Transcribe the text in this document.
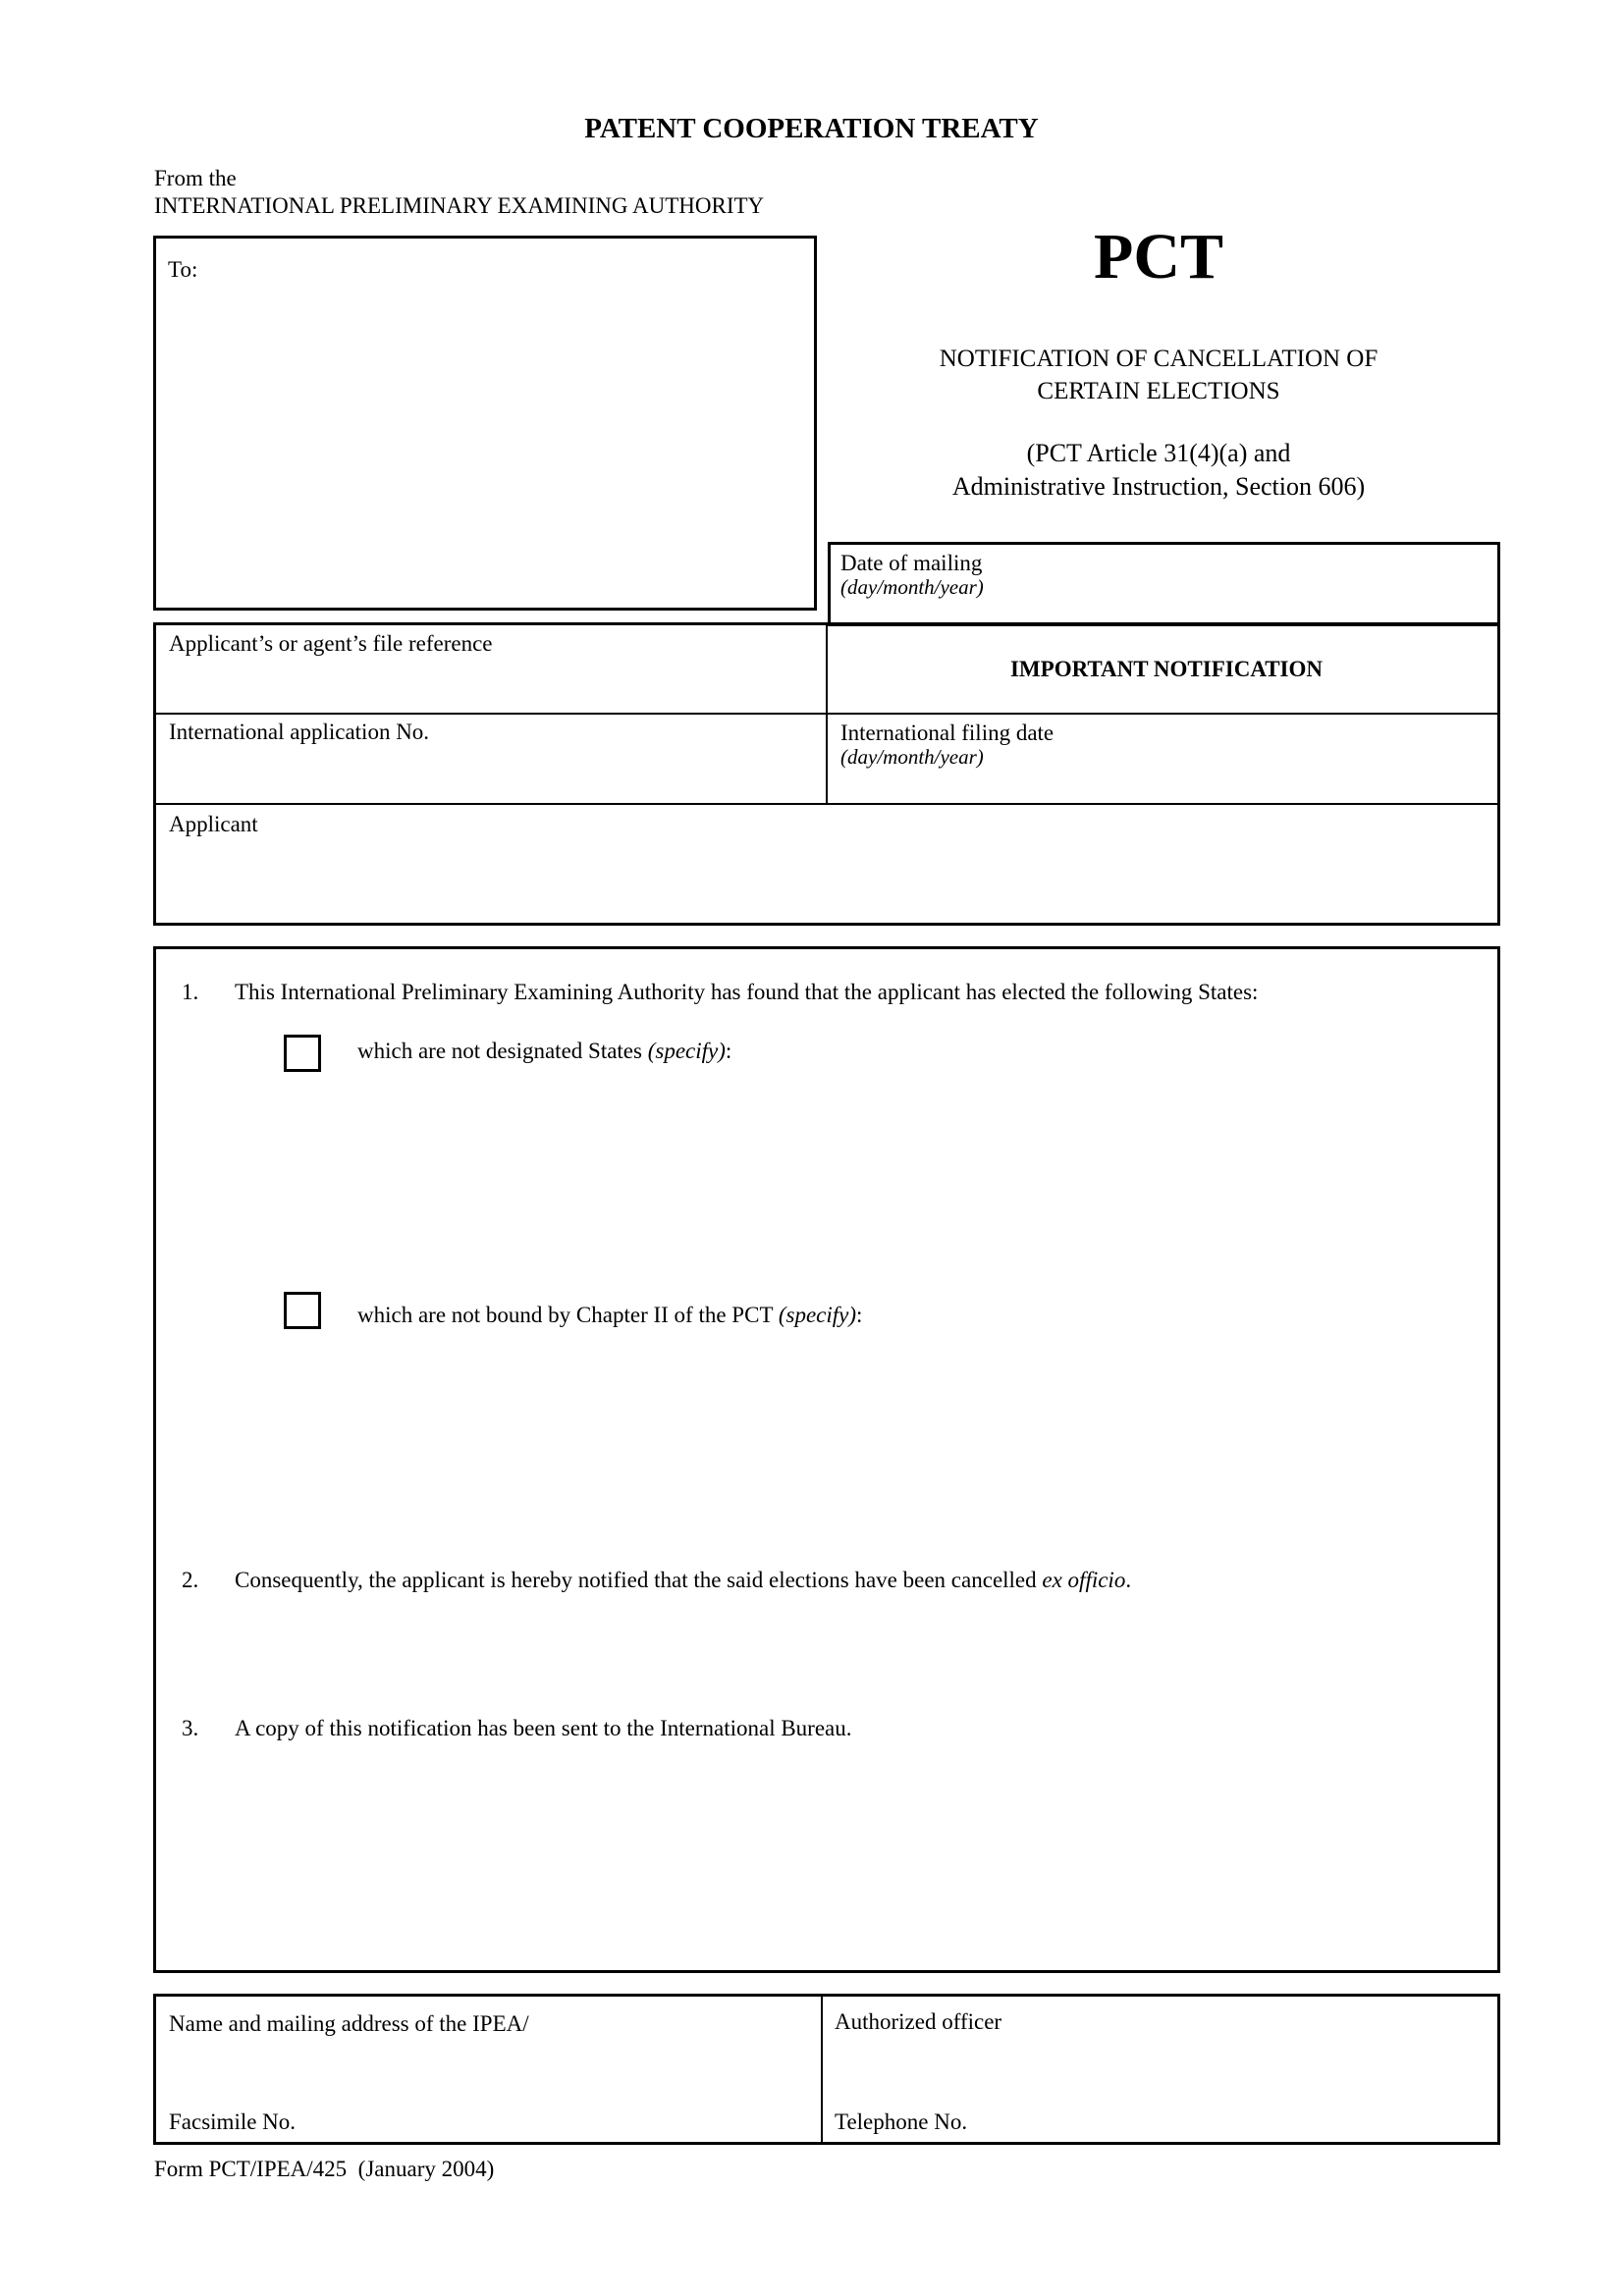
PATENT COOPERATION TREATY
From the
INTERNATIONAL PRELIMINARY EXAMINING AUTHORITY
To:	PCT
NOTIFICATION OF CANCELLATION OF
CERTAIN ELECTIONS
(PCT Article 31(4)(a) and
Administrative Instruction, Section 606)
Date of mailing
(day/month/year)
Applicant’s or agent’s file reference
IMPORTANT NOTIFICATION
International application No.	International filing date
(day/month/year)
Applicant
1. This International Preliminary Examining Authority has found that the applicant has elected the following States:
which are not designated States (specify):
which are not bound by Chapter II of the PCT (specify):
2. Consequently, the applicant is hereby notified that the said elections have been cancelled ex officio.
3. A copy of this notification has been sent to the International Bureau.
Name and mailing address of the IPEA/
Facsimile No.
Authorized officer
Telephone No.
Form PCT/IPEA/425  (January 2004)
